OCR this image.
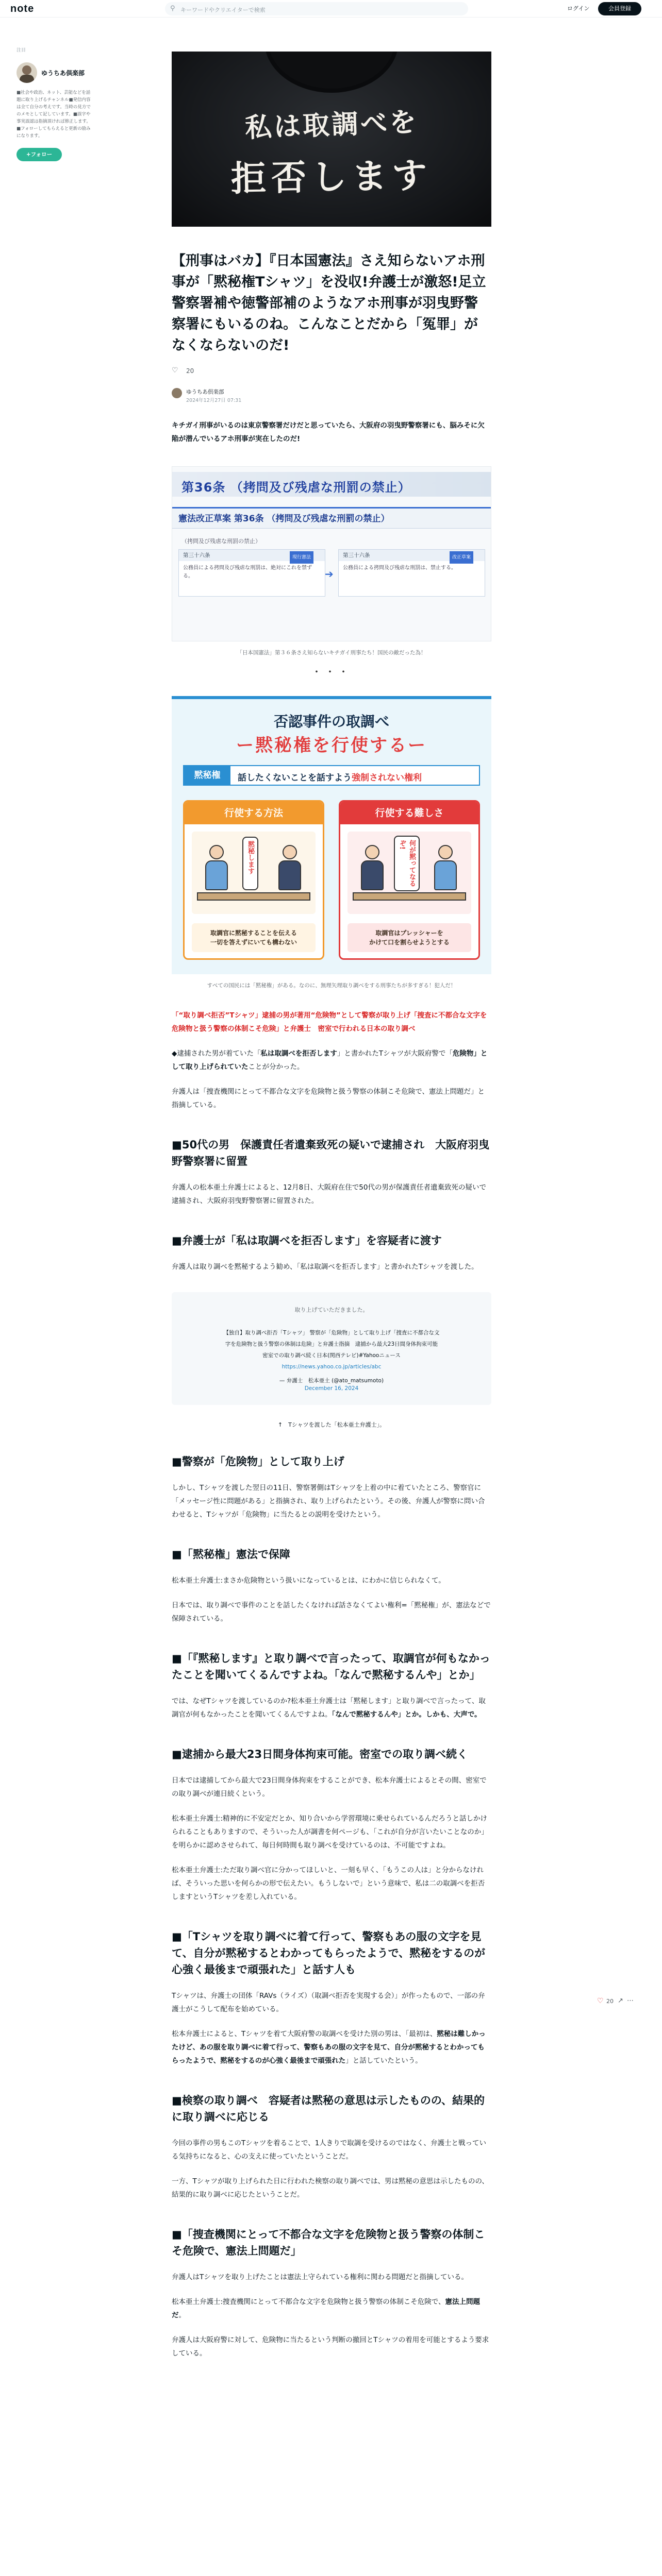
note	⚲ キーワードやクリエイターで検索	ログイン	会員登録
注目
ゆうちあ倶楽部
■社会や政治、ネット、芸能などを話題に取り上げるチャンネル■発信内容は全て自分の考えです。当時の見方でのメモとして記しています。■誤字や事実誤認は指摘頂ければ修正します。■フォローしてもらえると更新の励みになります。
+フォロー
私は取調べを
拒否します
【刑事はバカ】『日本国憲法』さえ知らないアホ刑事が「黙秘権Tシャツ」を没収!弁護士が激怒!足立警察署補や徳警部補のようなアホ刑事が羽曳野警察署にもいるのね。こんなことだから「冤罪」がなくならないのだ!
♡ 20
ゆうちあ倶楽部
2024年12月27日 07:31

キチガイ刑事がいるのは東京警察署だけだと思っていたら、大阪府の羽曳野警察署にも、脳みそに欠陥が潜んでいるアホ刑事が実在したのだ!

第36条 （拷問及び残虐な刑罰の禁止）
憲法改正草案 第36条 （拷問及び残虐な刑罰の禁止）
（拷問及び残虐な刑罰の禁止）
第三十六条	現行憲法
公務員による拷問及び残虐な刑罰は、絶対にこれを禁ずる。	➔
第三十六条	改正草案
公務員による拷問及び残虐な刑罰は、禁止する。
「日本国憲法」第３６条さえ知らないキチガイ刑事たち！国民の敵だった為！
・・・
否認事件の取調べ
ー黙秘権を行使するー
黙秘権	話したくないことを話すよう強制されない権利
行使する方法
黙秘します
取調官に黙秘することを伝える
一切を答えずにいても構わない
行使する難しさ
何が黙ってなるぞ!
取調官はプレッシャーを
かけて口を割らせようとする
すべての国民には「黙秘権」がある。なのに、無理矢理取り調べをする刑事たちが多すぎる！犯人だ！

「“取り調べ拒否”Tシャツ」逮捕の男が著用“危険物”として警察が取り上げ「捜査に不都合な文字を危険物と扱う警察の体制こそ危険」と弁護士　密室で行われる日本の取り調べ

◆逮捕された男が着ていた「私は取調べを拒否します」と書かれたTシャツが大阪府警で「危険物」として取り上げられていたことが分かった。

弁護人は「捜査機関にとって不都合な文字を危険物と扱う警察の体制こそ危険で、憲法上問題だ」と指摘している。

■50代の男　保護責任者遺棄致死の疑いで逮捕され　大阪府羽曳野警察署に留置

弁護人の松本亜土弁護士によると、12月8日、大阪府在住で50代の男が保護責任者遺棄致死の疑いで逮捕され、大阪府羽曳野警察署に留置された。

■弁護士が「私は取調べを拒否します」を容疑者に渡す

弁護人は取り調べを黙秘するよう勧め、「私は取調べを拒否します」と書かれたTシャツを渡した。

取り上げていただきました。
【独自】取り調べ拒否「Tシャツ」 警察が「危険物」として取り上げ「捜査に不都合な文字を危険物と扱う警察の体制は危険」と弁護士指摘　逮捕から最大23日間身体拘束可能　密室での取り調べ続く日本(関西テレビ)#Yahooニュース https://news.yahoo.co.jp/articles/abc
— 弁護士　松本亜土 (@ato_matsumoto)
December 16, 2024
↑　Tシャツを渡した「松本亜土弁護士」。
■警察が「危険物」として取り上げ

しかし、Tシャツを渡した翌日の11日、警察署側はTシャツを上着の中に着ていたところ、警察官に「メッセージ性に問題がある」と指摘され、取り上げられたという。その後、弁護人が警察に問い合わせると、Tシャツが「危険物」に当たるとの説明を受けたという。

■「黙秘権」憲法で保障

松本亜土弁護士:まさか危険物という扱いになっているとは、にわかに信じられなくて。

日本では、取り調べで事件のことを話したくなければ話さなくてよい権利=「黙秘権」が、憲法などで保障されている。

■「『黙秘します』と取り調べで言ったって、取調官が何もなかったことを聞いてくるんですよね。「なんで黙秘するんや」とか」

では、なぜTシャツを渡しているのか?松本亜土弁護士は「黙秘します」と取り調べで言ったって、取調官が何もなかったことを聞いてくるんですよね。「なんで黙秘するんや」とか。しかも、大声で。

■逮捕から最大23日間身体拘束可能。密室での取り調べ続く

日本では逮捕してから最大で23日間身体拘束をすることができ、松本弁護士によるとその間、密室での取り調べが連日続くという。

松本亜土弁護士:精神的に不安定だとか、知り合いから学習環境に乗せられているんだろうと話しかけられることもありますので、そういった人が調書を何ページも、「これが自分が言いたいことなのか」を明らかに認めさせられて、毎日何時間も取り調べを受けているのは、不可能ですよね。

松本亜土弁護士:ただ取り調べ官に分かってほしいと、一刻も早く、「もうこの人は」と分からなければ、そういった思いを何らかの形で伝えたい。もうしないで」という意味で、私は二の取調べを拒否しますというTシャツを差し入れている。

■「Tシャツを取り調べに着て行って、警察もあの服の文字を見て、自分が黙秘するとわかってもらったようで、黙秘をするのが心強く最後まで頑張れた」と話す人も

Tシャツは、弁護士の団体「RAVs（ライズ）（取調べ拒否を実現する会）」が作ったもので、一部の弁護士がこうして配布を始めている。

松本弁護士によると、Tシャツを着て大阪府警の取調べを受けた別の男は、「最初は、黙秘は難しかったけど、あの服を取り調べに着て行って、警察もあの服の文字を見て、自分が黙秘するとわかってもらったようで、黙秘をするのが心強く最後まで頑張れた」と話していたという。

■検察の取り調べ　容疑者は黙秘の意思は示したものの、結果的に取り調べに応じる

今回の事件の男もこのTシャツを着ることで、1人きりで取調を受けるのではなく、弁護士と戦っている気持ちになると、心の支えに使っていたということだ。

一方、Tシャツが取り上げられた日に行われた検察の取り調べでは、男は黙秘の意思は示したものの、結果的に取り調べに応じたということだ。

■「捜査機関にとって不都合な文字を危険物と扱う警察の体制こそ危険で、憲法上問題だ」

弁護人はTシャツを取り上げたことは憲法上守られている権利に関わる問題だと指摘している。

松本亜土弁護士:捜査機関にとって不都合な文字を危険物と扱う警察の体制こそ危険で、憲法上問題だ。

弁護人は大阪府警に対して、危険物に当たるという判断の撤回とTシャツの着用を可能とするよう要求している。

♡ 20 ↗ ⋯
